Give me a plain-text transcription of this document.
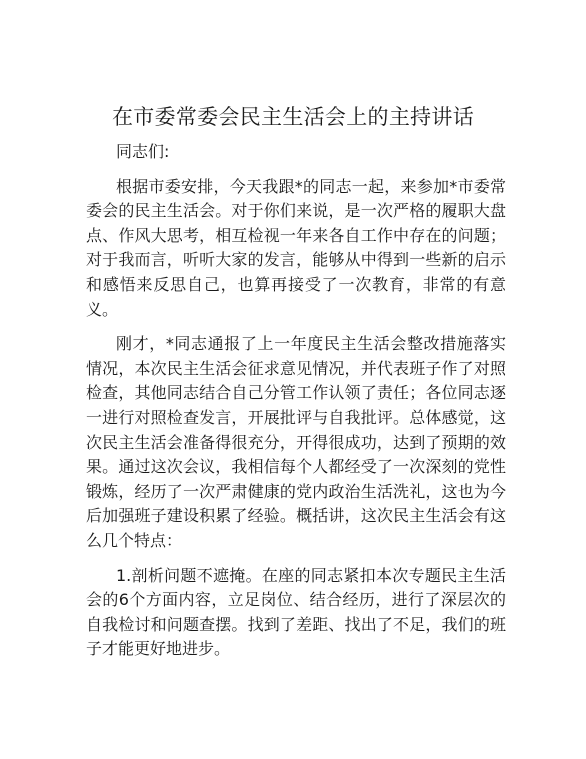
在市委常委会民主生活会上的主持讲话

同志们:

根据市委安排，今天我跟*的同志一起，来参加*市委常委会的民主生活会。对于你们来说，是一次严格的履职大盘点、作风大思考，相互检视一年来各自工作中存在的问题；对于我而言，听听大家的发言，能够从中得到一些新的启示和感悟来反思自己，也算再接受了一次教育，非常的有意义。

刚才，*同志通报了上一年度民主生活会整改措施落实情况，本次民主生活会征求意见情况，并代表班子作了对照检查，其他同志结合自己分管工作认领了责任；各位同志逐一进行对照检查发言，开展批评与自我批评。总体感觉，这次民主生活会准备得很充分，开得很成功，达到了预期的效果。通过这次会议，我相信每个人都经受了一次深刻的党性锻炼，经历了一次严肃健康的党内政治生活洗礼，这也为今后加强班子建设积累了经验。概括讲，这次民主生活会有这么几个特点：

1.剖析问题不遮掩。在座的同志紧扣本次专题民主生活会的6个方面内容，立足岗位、结合经历，进行了深层次的自我检讨和问题查摆。找到了差距、找出了不足，我们的班子才能更好地进步。
